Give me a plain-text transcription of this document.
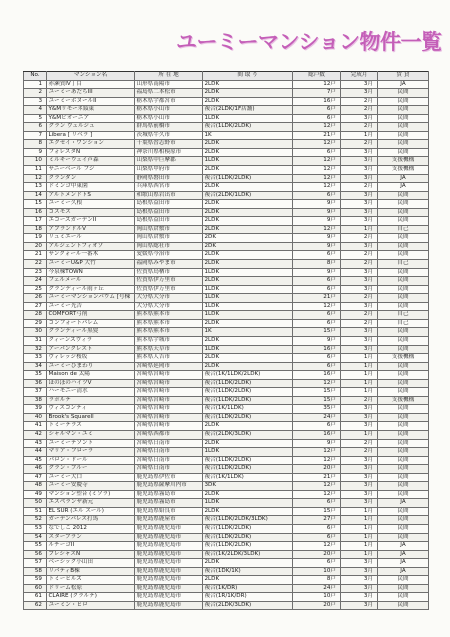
ユーミーマンション物件一覧
No.	マンション名	所 在 地	間 取 り	総戸数	完成月	賃 貸
1	赤瀬賀IV丁目	山形県南陽市	2LDK	12戸	3月	JA
2	ユーミーあだちIII	福島県二本松市	2LDK	7戸	3月	民間
3	ユーミーボヌールII	栃木県宇都宮市	2LDK	16戸	2月	民間
4	Y&Mリモーネ綾東	栃木県小山市	複合(2LDK/1F店舗)	6戸	2月	民間
5	Y&Mビオーニア	栃木県小山市	1LDK	6戸	3月	民間
6	グラン ヴェルジュ	群馬県前橋市	複合(1LDK/2LDK)	12戸	2月	民間
7	Libera [ リベラ ]	茨城県牛久市	1K	21戸	1月	民間
8	エクセイ・ワンション	千葉県習志野市	2LDK	12戸	2月	民間
9	フォレスタN	神奈川県相模原市	2LDK	6戸	3月	民間
10	ミルキーウェイ芦森	山梨県中巨摩郡	1LDK	12戸	3月	支援機構
11	サニーベール フジ	山梨県甲府市	2LDK	12戸	3月	支援機構
12	クランダン	静岡県磐田市	複合(1LDK/2LDK)	12戸	3月	JA
13	ドミンゴ甲東園	兵庫県西宮市	2LDK	12戸	2月	JA
14	アルトメンドトS	和歌山県岩出市	複合(2LDK/1LDK)	6戸	3月	民間
15	ユーミー久根	島根県益田市	2LDK	9戸	3月	民間
16	コスモス	島根県益田市	2LDK	9戸	3月	民間
17	エコーズガーデンII	島根県益田市	2LDK	9戸	3月	民間
18	アプランドルV	岡山県倉敷市	2LDK	12戸	1月	自己
19	リュミエール	岡山県倉敷市	2DK	9戸	2月	民間
20	アルジェントフィオゾ	岡山県総社市	2DK	9戸	3月	民間
21	サンクォール一番木	愛媛県今治市	2LDK	6戸	2月	民間
22	ユーミーU&P 大竹	福岡県みやま市	2LDK	8戸	2月	自己
23	今泉棟TOWN	佐賀県鳥栖市	1LDK	9戸	3月	民間
24	フェルメール	佐賀県伊万里市	2LDK	6戸	3月	民間
25	グランディール雨ヶ丘	佐賀県伊万里市	1LDK	6戸	3月	民間
26	ユーミーマンションパウム [号棟	大分県大分市	1LDK	21戸	2月	民間
27	ユーミー光吉	大分県大分市	1LDK	12戸	3月	民間
28	COMFORT弓削	熊本県熊本市	1LDK	6戸	2月	自己
29	コンフォートパレム	熊本県熊本市	2LDK	6戸	2月	自己
30	グランディール黒髪	熊本県熊本市	1K	15戸	3月	民間
31	クィーンズヴィラ	熊本県宇城市	2LDK	9戸	3月	民間
32	アーバンクレスト	熊本県天草市	1LDK	16戸	3月	民間
33	ヴィレッジ桜坂	熊本県人吉市	2LDK	6戸	1月	支援機構
34	ユーミーひまわり	宮崎県延岡市	2LDK	6戸	1月	民間
35	Maison de 太陽	宮崎県宮崎市	複合(1K/1LDK/2LDK)	16戸	1月	民間
36	ほのぼのハイツV	宮崎県宮崎市	複合(1LDK/2LDK)	12戸	1月	民間
37	ハーモニー清水	宮崎県宮崎市	複合(1LDK/2LDK)	15戸	1月	民間
38	ラポルテ	宮崎県宮崎市	複合(1LDK/2LDK)	15戸	2月	支援機構
39	ヴィスコンティ	宮崎県宮崎市	複合(1K/1LDK)	35戸	3月	民間
40	Brook's Squarell	宮崎県宮崎市	複合(1LDK/2LDK)	24戸	3月	民間
41	トミーテラス	宮崎県宮崎市	2LDK	6戸	3月	民間
42	シャルマン・ユミ	宮崎県西都市	複合(2LDK/3LDK)	16戸	1月	民間
43	ユーミーテソント	宮崎県日南市	2LDK	9戸	2月	民間
44	マリア・フローラ	宮崎県日南市	1LDK	12戸	2月	民間
45	バロン・ドール	宮崎県日南市	複合(1LDK/2LDK)	12戸	3月	民間
46	グラン・ブルー	宮崎県日南市	複合(1LDK/2LDK)	20戸	3月	民間
47	ユーミー大口	鹿児島県伊佐市	複合(1K/1LDK)	21戸	3月	民間
48	ユーミー安慶寺	鹿児島県薩摩川内市	3DK	12戸	3月	民間
49	マンション塑音 (ミソラ)	鹿児島県霧島市	2LDK	12戸	3月	民間
50	エスペランザ新元	鹿児島県霧島市	1LDK	6戸	3月	JA
51	EL SUR (エル スール)	鹿児島県姶良市	2LDK	15戸	1月	民間
52	ガーデンパレス打馬	鹿児島県鹿屋市	複合(1LDK/2LDK/3LDK)	27戸	1月	民間
53	なでしこ 2012	鹿児島県鹿児島市	複合(1LDK/2LDK)	6戸	1月	民間
54	スターブラン	鹿児島県鹿児島市	複合(1LDK/2LDK)	6戸	1月	民間
55	ルチーゴII	鹿児島県鹿児島市	複合(1LDK/2LDK)	12戸	1月	JA
56	プレシャスN	鹿児島県鹿児島市	複合(1K/2LDK/3LDK)	20戸	1月	JA
57	ベーシック小山田	鹿児島県鹿児島市	2LDK	6戸	3月	JA
58	リバティB棟	鹿児島県鹿児島市	複合(1DK/1K)	10戸	3月	JA
59	トミーヒルズ	鹿児島県鹿児島市	2LDK	8戸	3月	民間
60	ドリーム松原	鹿児島県鹿児島市	複合(1K/DR)	24戸	3月	民間
61	CLAIRE (クラルテ)	鹿児島県鹿児島市	複合(1R/1K/DR)	10戸	3月	民間
62	ユーミン・ヒロ	鹿児島県鹿児島市	複合(2LDK/3LDK)	20戸	3月	民間
